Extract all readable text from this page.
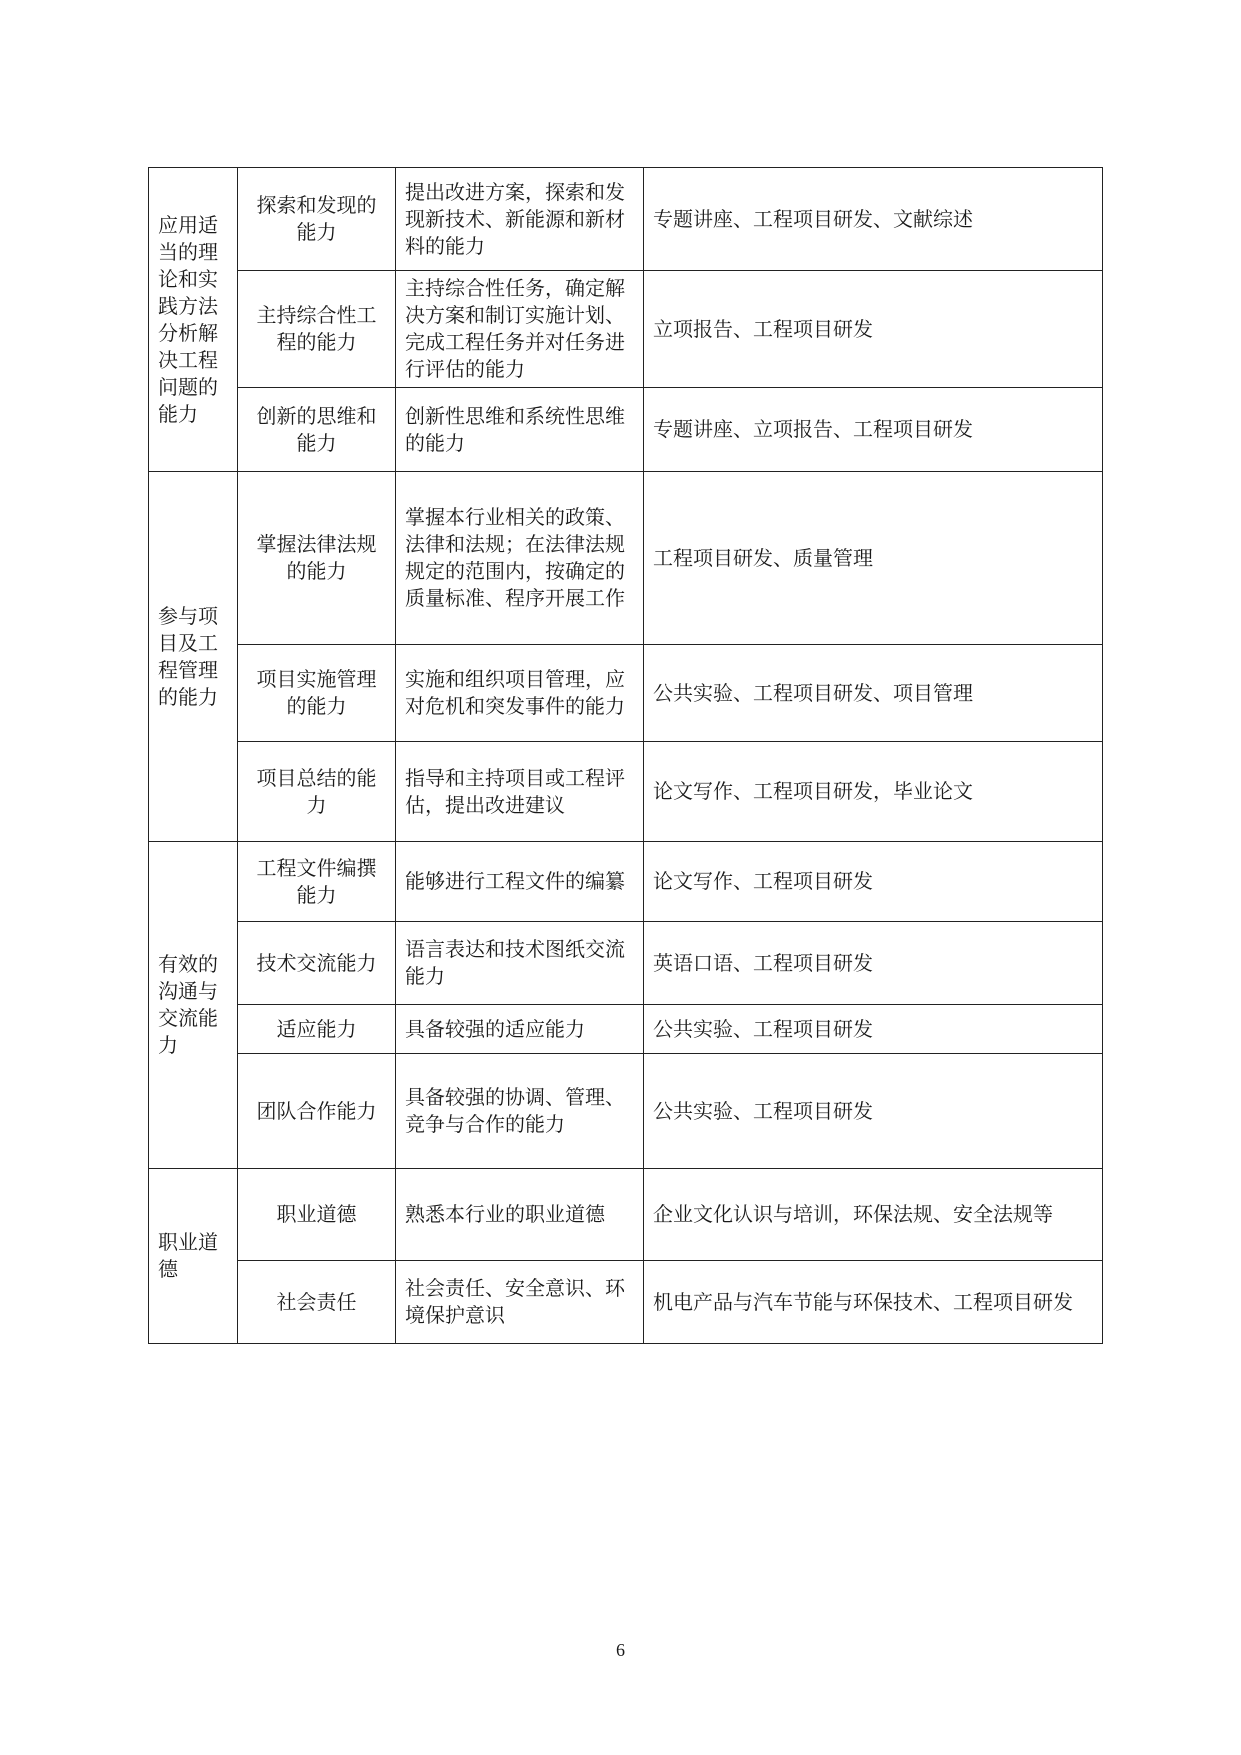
应用适当的理论和实践方法分析解决工程问题的能力	探索和发现的能力	提出改进方案，探索和发现新技术、新能源和新材料的能力	专题讲座、工程项目研发、文献综述
	主持综合性工程的能力	主持综合性任务，确定解决方案和制订实施计划、完成工程任务并对任务进行评估的能力	立项报告、工程项目研发
	创新的思维和能力	创新性思维和系统性思维的能力	专题讲座、立项报告、工程项目研发
参与项目及工程管理的能力	掌握法律法规的能力	掌握本行业相关的政策、法律和法规；在法律法规规定的范围内，按确定的质量标准、程序开展工作	工程项目研发、质量管理
	项目实施管理的能力	实施和组织项目管理，应对危机和突发事件的能力	公共实验、工程项目研发、项目管理
	项目总结的能力	指导和主持项目或工程评估，提出改进建议	论文写作、工程项目研发，毕业论文
有效的沟通与交流能力	工程文件编撰能力	能够进行工程文件的编纂	论文写作、工程项目研发
	技术交流能力	语言表达和技术图纸交流能力	英语口语、工程项目研发
	适应能力	具备较强的适应能力	公共实验、工程项目研发
	团队合作能力	具备较强的协调、管理、竞争与合作的能力	公共实验、工程项目研发
职业道德	职业道德	熟悉本行业的职业道德	企业文化认识与培训，环保法规、安全法规等
	社会责任	社会责任、安全意识、环境保护意识	机电产品与汽车节能与环保技术、工程项目研发
6
